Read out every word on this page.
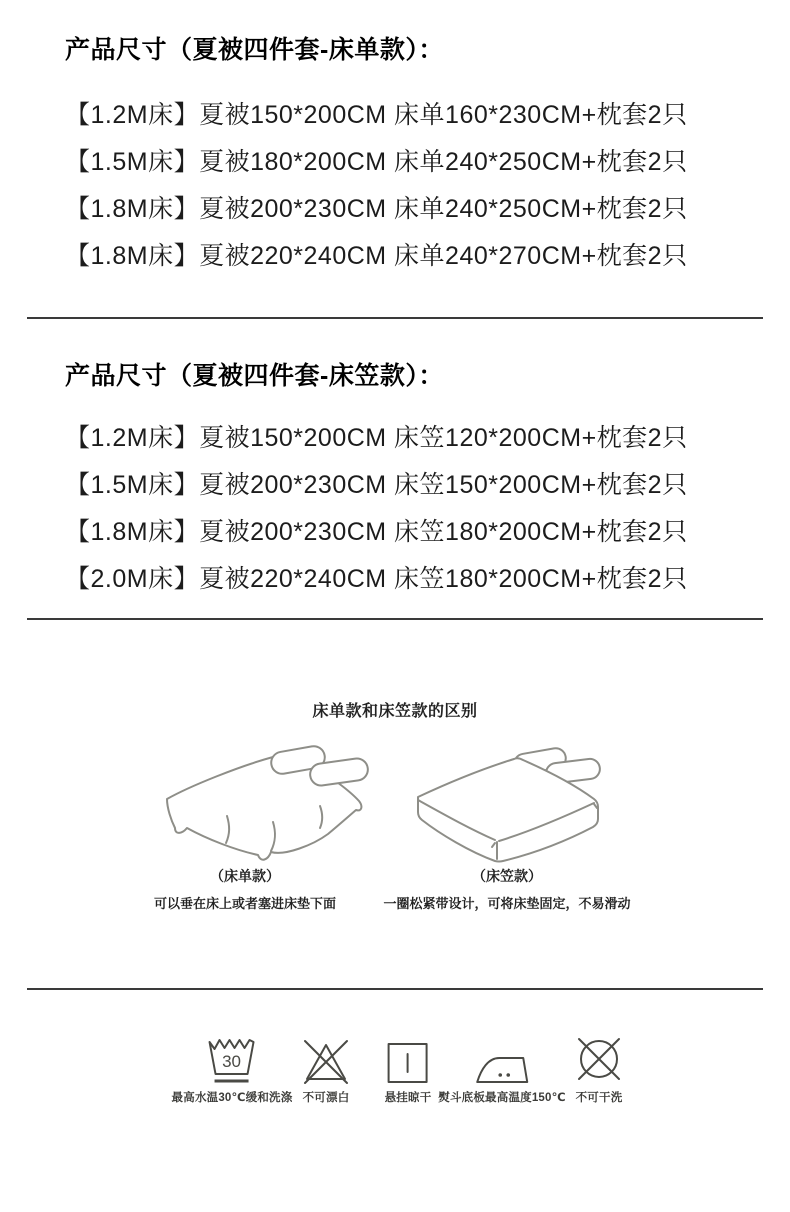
产品尺寸（夏被四件套-床单款）：
【1.2M床】夏被150*200CM 床单160*230CM+枕套2只
【1.5M床】夏被180*200CM 床单240*250CM+枕套2只
【1.8M床】夏被200*230CM 床单240*250CM+枕套2只
【1.8M床】夏被220*240CM 床单240*270CM+枕套2只
产品尺寸（夏被四件套-床笠款）：
【1.2M床】夏被150*200CM 床笠120*200CM+枕套2只
【1.5M床】夏被200*230CM 床笠150*200CM+枕套2只
【1.8M床】夏被200*230CM 床笠180*200CM+枕套2只
【2.0M床】夏被220*240CM 床笠180*200CM+枕套2只
床单款和床笠款的区别
（床单款）	（床笠款）
可以垂在床上或者塞进床垫下面	一圈松紧带设计，可将床垫固定，不易滑动
30
最高水温30℃缓和洗涤 不可漂白	悬挂晾干 熨斗底板最高温度150℃ 不可干洗
